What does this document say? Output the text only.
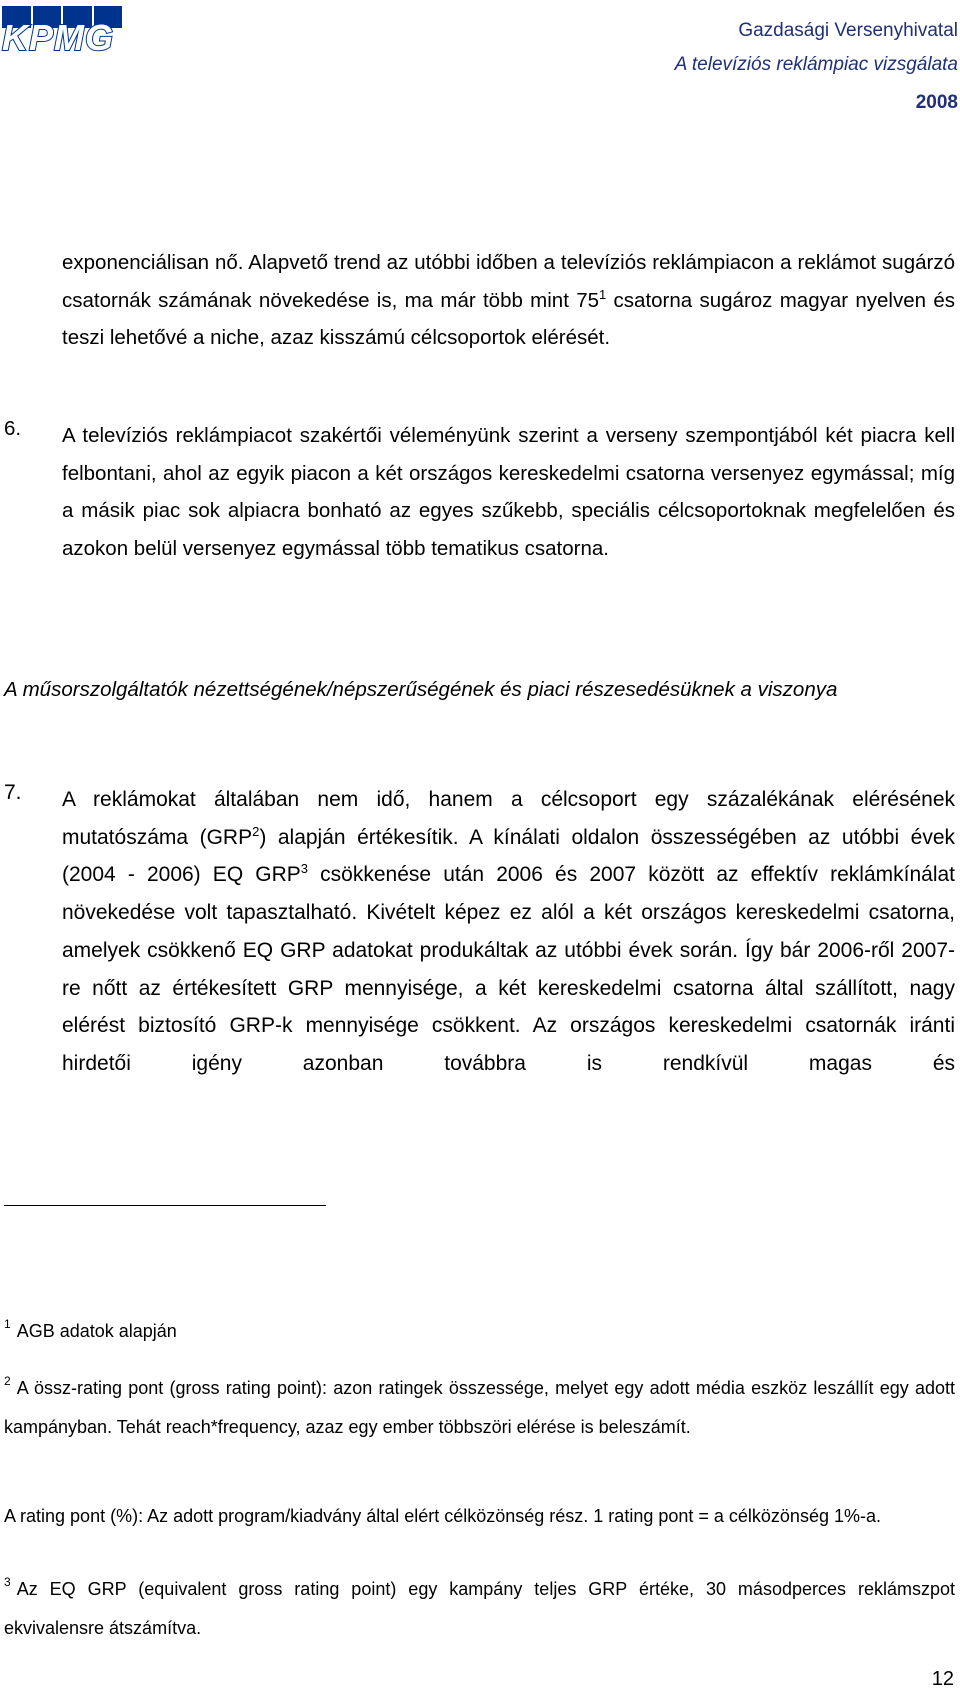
KPMG	Gazdasági Versenyhivatal
A televíziós reklámpiac vizsgálata
2008
exponenciálisan nő. Alapvető trend az utóbbi időben a televíziós reklámpiacon a reklámot sugárzó csatornák számának növekedése is, ma már több mint $75^1$ csatorna sugároz magyar nyelven és teszi lehetővé a niche, azaz kisszámú célcsoportok elérését.
6. A televíziós reklámpiacot szakértői véleményünk szerint a verseny szempontjából két piacra kell felbontani, ahol az egyik piacon a két országos kereskedelmi csatorna versenyez egymással; míg a másik piac sok alpiacra bonható az egyes szűkebb, speciális célcsoportoknak megfelelően és azokon belül versenyez egymással több tematikus csatorna.
A műsorszolgáltatók nézettségének/népszerűségének és piaci részesedésüknek a viszonya
7. A reklámokat általában nem idő, hanem a célcsoport egy százalékának elérésének mutatószáma (GRP$^2$) alapján értékesítik. A kínálati oldalon összességében az utóbbi évek (2004 - 2006) EQ GRP$^3$ csökkenése után 2006 és 2007 között az effektív reklámkínálat növekedése volt tapasztalható. Kivételt képez ez alól a két országos kereskedelmi csatorna, amelyek csökkenő EQ GRP adatokat produkáltak az utóbbi évek során. Így bár 2006-ről 2007-re nőtt az értékesített GRP mennyisége, a két kereskedelmi csatorna által szállított, nagy elérést biztosító GRP-k mennyisége csökkent. Az országos kereskedelmi csatornák iránti hirdetői igény azonban továbbra is rendkívül magas és
$^1$ AGB adatok alapján
$^2$ A össz-rating pont (gross rating point): azon ratingek összessége, melyet egy adott média eszköz leszállít egy adott kampányban. Tehát reach*frequency, azaz egy ember többszöri elérése is beleszámít.
A rating pont (%): Az adott program/kiadvány által elért célközönség rész. 1 rating pont = a célközönség 1%-a.
$^3$ Az EQ GRP (equivalent gross rating point) egy kampány teljes GRP értéke, 30 másodperces reklámszpot ekvivalensre átszámítva.
12
